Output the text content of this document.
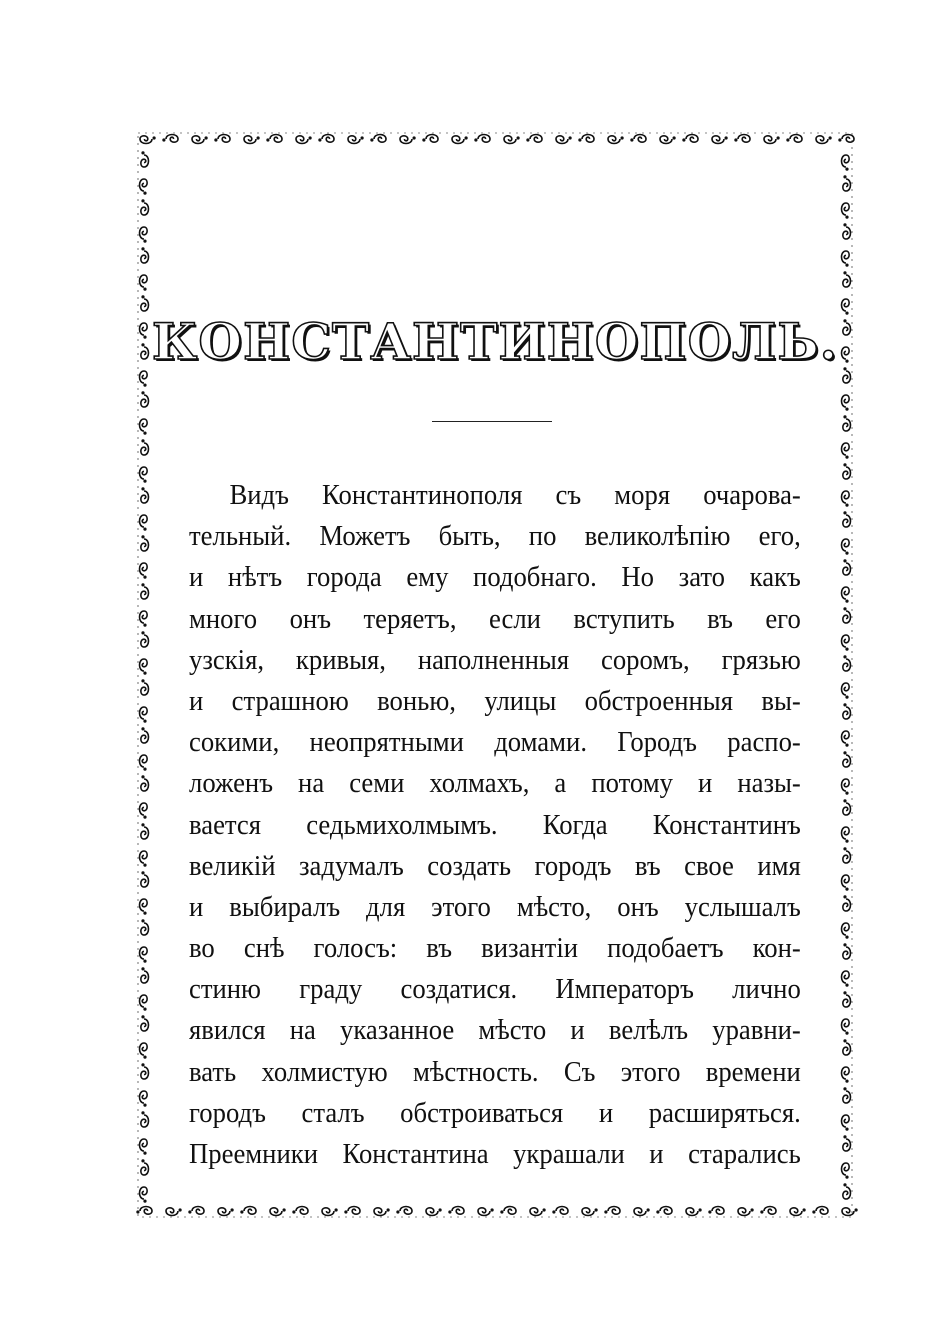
КОНСТАНТИНОПОЛЬ.
Видъ Константинополя съ моря очарова-
тельный. Можетъ быть, по великолѣпію его,
и нѣтъ города ему подобнаго. Но зато какъ
много онъ теряетъ, если вступить въ его
узскія, кривыя, наполненныя соромъ, грязью
и страшною вонью, улицы обстроенныя вы-
сокими, неопрятными домами. Городъ распо-
ложенъ на семи холмахъ, а потому и назы-
вается седьмихолмымъ. Когда Константинъ
великій задумалъ создать городъ въ свое имя
и выбиралъ для этого мѣсто, онъ услышалъ
во снѣ голосъ: въ византіи подобаетъ кон-
стиню граду создатися. Императоръ лично
явился на указанное мѣсто и велѣлъ уравни-
вать холмистую мѣстность. Съ этого времени
городъ сталъ обстроиваться и расширяться.
Преемники Константина украшали и старались
